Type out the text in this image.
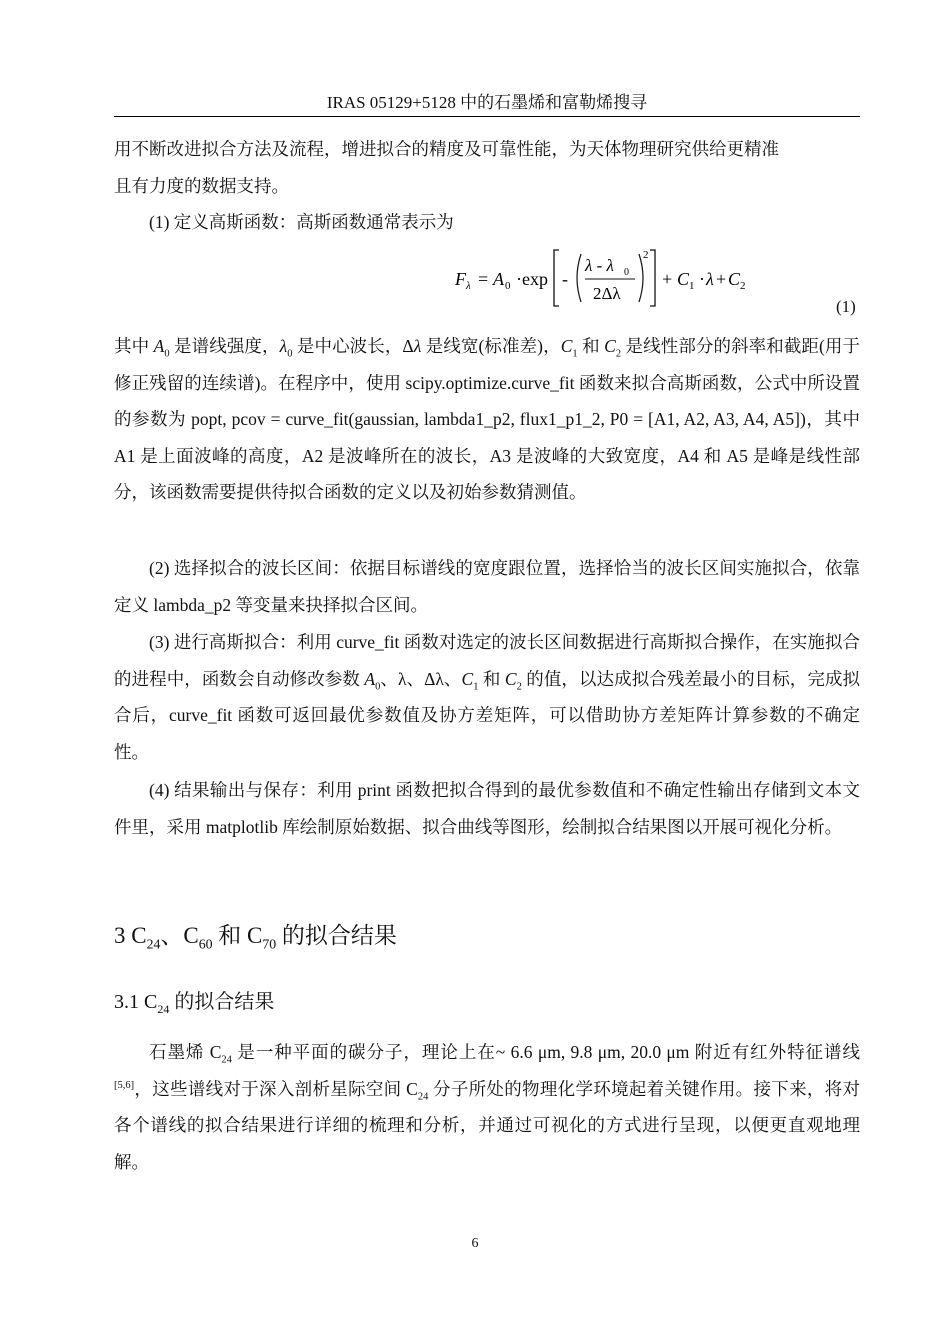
IRAS 05129+5128 中的石墨烯和富勒烯搜寻
用不断改进拟合方法及流程，增进拟合的精度及可靠性能，为天体物理研究供给更精准
且有力度的数据支持。
(1) 定义高斯函数：高斯函数通常表示为
F λ = A 0 · exp -
λ - λ 0
2Δλ
2
+ C 1 · λ + C 2
(1)
其中 $A_0$ 是谱线强度，$\lambda_0$ 是中心波长，Δλ 是线宽(标准差)，$C_1$ 和 $C_2$ 是线性部分的斜率和截距(用于修正残留的连续谱)。在程序中，使用 scipy.optimize.curve_fit 函数来拟合高斯函数，公式中所设置的参数为 popt, pcov = curve_fit(gaussian, lambda1_p2, flux1_p1_2, P0 = [A1, A2, A3, A4, A5])，其中 A1 是上面波峰的高度，A2 是波峰所在的波长，A3 是波峰的大致宽度，A4 和 A5 是峰是线性部分，该函数需要提供待拟合函数的定义以及初始参数猜测值。
(2) 选择拟合的波长区间：依据目标谱线的宽度跟位置，选择恰当的波长区间实施拟合，依靠定义 lambda_p2 等变量来抉择拟合区间。
(3) 进行高斯拟合：利用 curve_fit 函数对选定的波长区间数据进行高斯拟合操作，在实施拟合的进程中，函数会自动修改参数 $A_0$、λ、Δλ、$C_1$ 和 $C_2$ 的值，以达成拟合残差最小的目标，完成拟合后，curve_fit 函数可返回最优参数值及协方差矩阵，可以借助协方差矩阵计算参数的不确定性。
(4) 结果输出与保存：利用 print 函数把拟合得到的最优参数值和不确定性输出存储到文本文件里，采用 matplotlib 库绘制原始数据、拟合曲线等图形，绘制拟合结果图以开展可视化分析。
3 $C_{24}$、$C_{60}$ 和 $C_{70}$ 的拟合结果
3.1 $C_{24}$ 的拟合结果
石墨烯 $C_{24}$ 是一种平面的碳分子，理论上在~ 6.6 μm, 9.8 μm, 20.0 μm 附近有红外特征谱线[5,6]，这些谱线对于深入剖析星际空间 $C_{24}$ 分子所处的物理化学环境起着关键作用。接下来，将对各个谱线的拟合结果进行详细的梳理和分析，并通过可视化的方式进行呈现，以便更直观地理解。
6
